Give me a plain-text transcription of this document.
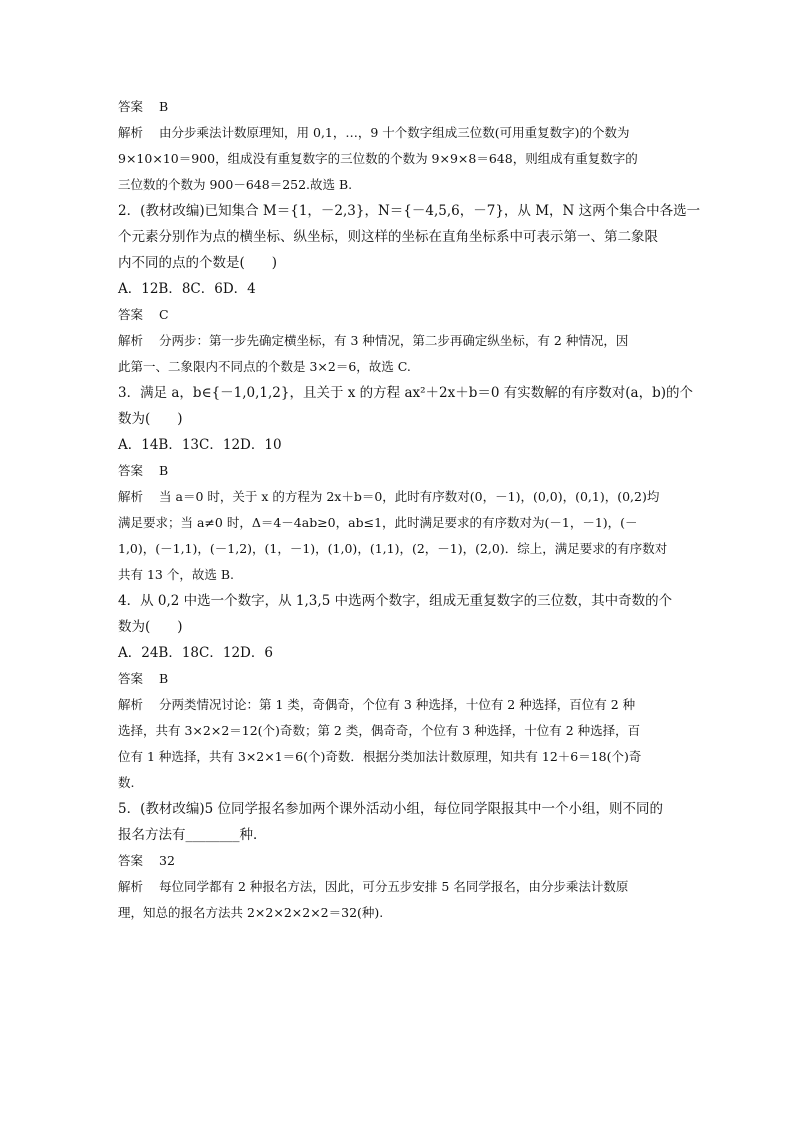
答案 B

解析 由分步乘法计数原理知，用 0,1，…，9 十个数字组成三位数(可用重复数字)的个数为

9×10×10＝900，组成没有重复数字的三位数的个数为 9×9×8＝648，则组成有重复数字的

三位数的个数为 900－648＝252.故选 B.

2．(教材改编)已知集合 M＝{1，－2,3}，N＝{－4,5,6，－7}，从 M，N 这两个集合中各选一

个元素分别作为点的横坐标、纵坐标，则这样的坐标在直角坐标系中可表示第一、第二象限

内不同的点的个数是(　　)

A．12B．8C．6D．4

答案 C

解析 分两步：第一步先确定横坐标，有 3 种情况，第二步再确定纵坐标，有 2 种情况，因

此第一、二象限内不同点的个数是 3×2＝6，故选 C.

3．满足 a，b∈{－1,0,1,2}，且关于 x 的方程 ax²＋2x＋b＝0 有实数解的有序数对(a，b)的个

数为(　　)

A．14B．13C．12D．10

答案 B

解析 当 a＝0 时，关于 x 的方程为 2x＋b＝0，此时有序数对(0，－1)，(0,0)，(0,1)，(0,2)均

满足要求；当 a≠0 时，Δ＝4－4ab≥0，ab≤1，此时满足要求的有序数对为(－1，－1)，(－

1,0)，(－1,1)，(－1,2)，(1，－1)，(1,0)，(1,1)，(2，－1)，(2,0)．综上，满足要求的有序数对

共有 13 个，故选 B.

4．从 0,2 中选一个数字，从 1,3,5 中选两个数字，组成无重复数字的三位数，其中奇数的个

数为(　　)

A．24B．18C．12D．6

答案 B

解析 分两类情况讨论：第 1 类，奇偶奇，个位有 3 种选择，十位有 2 种选择，百位有 2 种

选择，共有 3×2×2＝12(个)奇数；第 2 类，偶奇奇，个位有 3 种选择，十位有 2 种选择，百

位有 1 种选择，共有 3×2×1＝6(个)奇数．根据分类加法计数原理，知共有 12＋6＝18(个)奇

数.

5．(教材改编)5 位同学报名参加两个课外活动小组，每位同学限报其中一个小组，则不同的

报名方法有________种．

答案 32

解析 每位同学都有 2 种报名方法，因此，可分五步安排 5 名同学报名，由分步乘法计数原

理，知总的报名方法共 2×2×2×2×2＝32(种).
